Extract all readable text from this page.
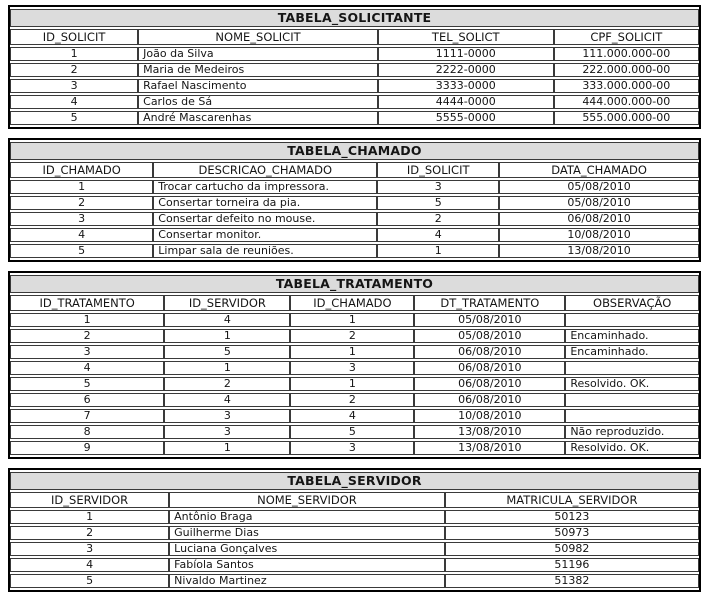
TABELA_SOLICITANTE			
ID_SOLICIT	NOME_SOLICIT	TEL_SOLICT	CPF_SOLICIT
1	João da Silva	1111-0000	111.000.000-00
2	Maria de Medeiros	2222-0000	222.000.000-00
3	Rafael Nascimento	3333-0000	333.000.000-00
4	Carlos de Sá	4444-0000	444.000.000-00
5	André Mascarenhas	5555-0000	555.000.000-00
TABELA_CHAMADO			
ID_CHAMADO	DESCRICAO_CHAMADO	ID_SOLICIT	DATA_CHAMADO
1	Trocar cartucho da impressora.	3	05/08/2010
2	Consertar torneira da pia.	5	05/08/2010
3	Consertar defeito no mouse.	2	06/08/2010
4	Consertar monitor.	4	10/08/2010
5	Limpar sala de reuniões.	1	13/08/2010
TABELA_TRATAMENTO				
ID_TRATAMENTO	ID_SERVIDOR	ID_CHAMADO	DT_TRATAMENTO	OBSERVAÇÃO
1	4	1	05/08/2010	
2	1	2	05/08/2010	Encaminhado.
3	5	1	06/08/2010	Encaminhado.
4	1	3	06/08/2010	
5	2	1	06/08/2010	Resolvido. OK.
6	4	2	06/08/2010	
7	3	4	10/08/2010	
8	3	5	13/08/2010	Não reproduzido.
9	1	3	13/08/2010	Resolvido. OK.
TABELA_SERVIDOR		
ID_SERVIDOR	NOME_SERVIDOR	MATRICULA_SERVIDOR
1	Antônio Braga	50123
2	Guilherme Dias	50973
3	Luciana Gonçalves	50982
4	Fabíola Santos	51196
5	Nivaldo Martinez	51382
